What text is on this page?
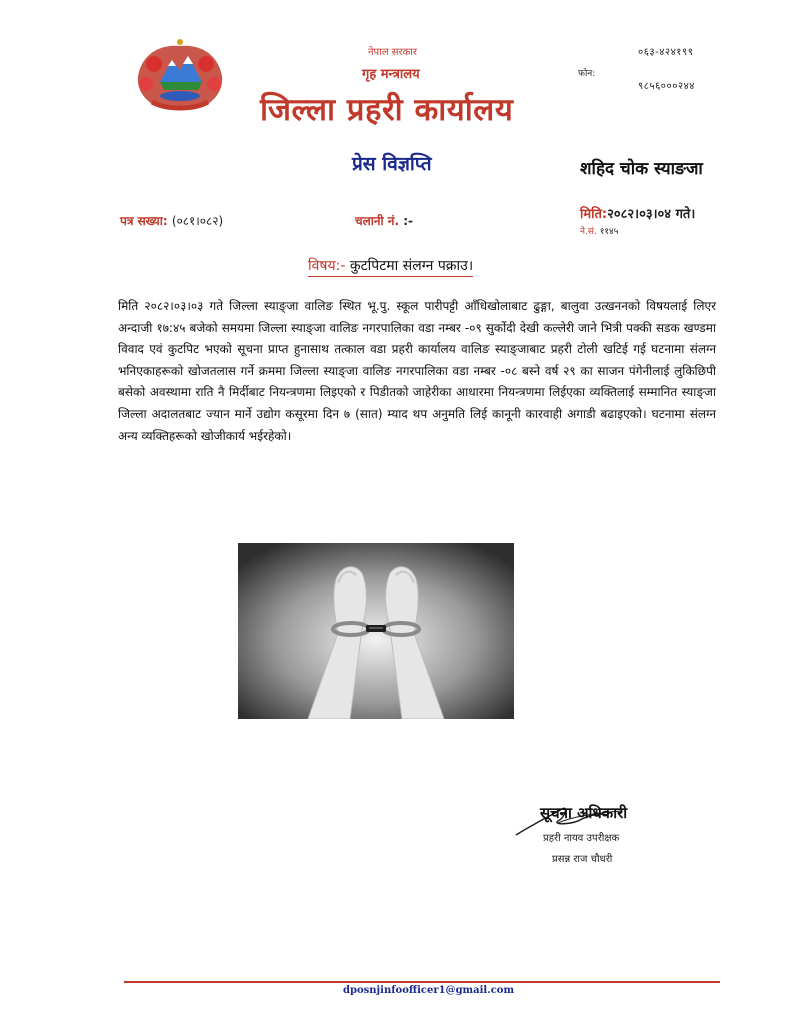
नेपाल सरकार
गृह मन्त्रालय
जिल्ला प्रहरी कार्यालय
प्रेस विज्ञप्ति
०६३-४२४१९९
फोन:
९८५६०००२४४
शहिद चोक स्याङजा
पत्र सख्या: (०८१।०८२)	चलानी नं. :-	मिति:२०८२।०३।०४ गते।
ने.सं. ११४५
विषय:- कुटपिटमा संलग्न पक्राउ।

मिति २०८२।०३।०३ गते जिल्ला स्याङ्जा वालिङ स्थित भू.पु. स्कूल पारीपट्टी आँधिखोलाबाट ढुङ्गा, बालुवा उत्खननको विषयलाई लिएर अन्दाजी १७:४५ बजेको समयमा जिल्ला स्याङ्जा वालिङ नगरपालिका वडा नम्बर -०९ सुर्कोदी देखी कल्लेरी जाने भित्री पक्की सडक खण्डमा विवाद एवं कुटपिट भएको सूचना प्राप्त हुनासाथ तत्काल वडा प्रहरी कार्यालय वालिङ स्याङ्जाबाट प्रहरी टोली खटिई गई घटनामा संलग्न भनिएकाहरूको खोजतलास गर्ने क्रममा जिल्ला स्याङ्जा वालिङ नगरपालिका वडा नम्बर -०८ बस्ने वर्ष २९ का साजन पंगेनीलाई लुकिछिपी बसेको अवस्थामा राति नै मिर्दीबाट नियन्त्रणमा लिइएको र पिडीतको जाहेरीका आधारमा नियन्त्रणमा लिईएका व्यक्तिलाई सम्मानित स्याङ्जा जिल्ला अदालतबाट ज्यान मार्ने उद्योग कसूरमा दिन ७ (सात) म्याद थप अनुमति लिई कानूनी कारवाही अगाडी बढाइएको। घटनामा संलग्न अन्य व्यक्तिहरूको खोजीकार्य भईरहेको।

सूचना अधिकारी
प्रहरी नायव उपरीक्षक
प्रसन्न राज चौधरी
dposnjinfoofficer1@gmail.com
